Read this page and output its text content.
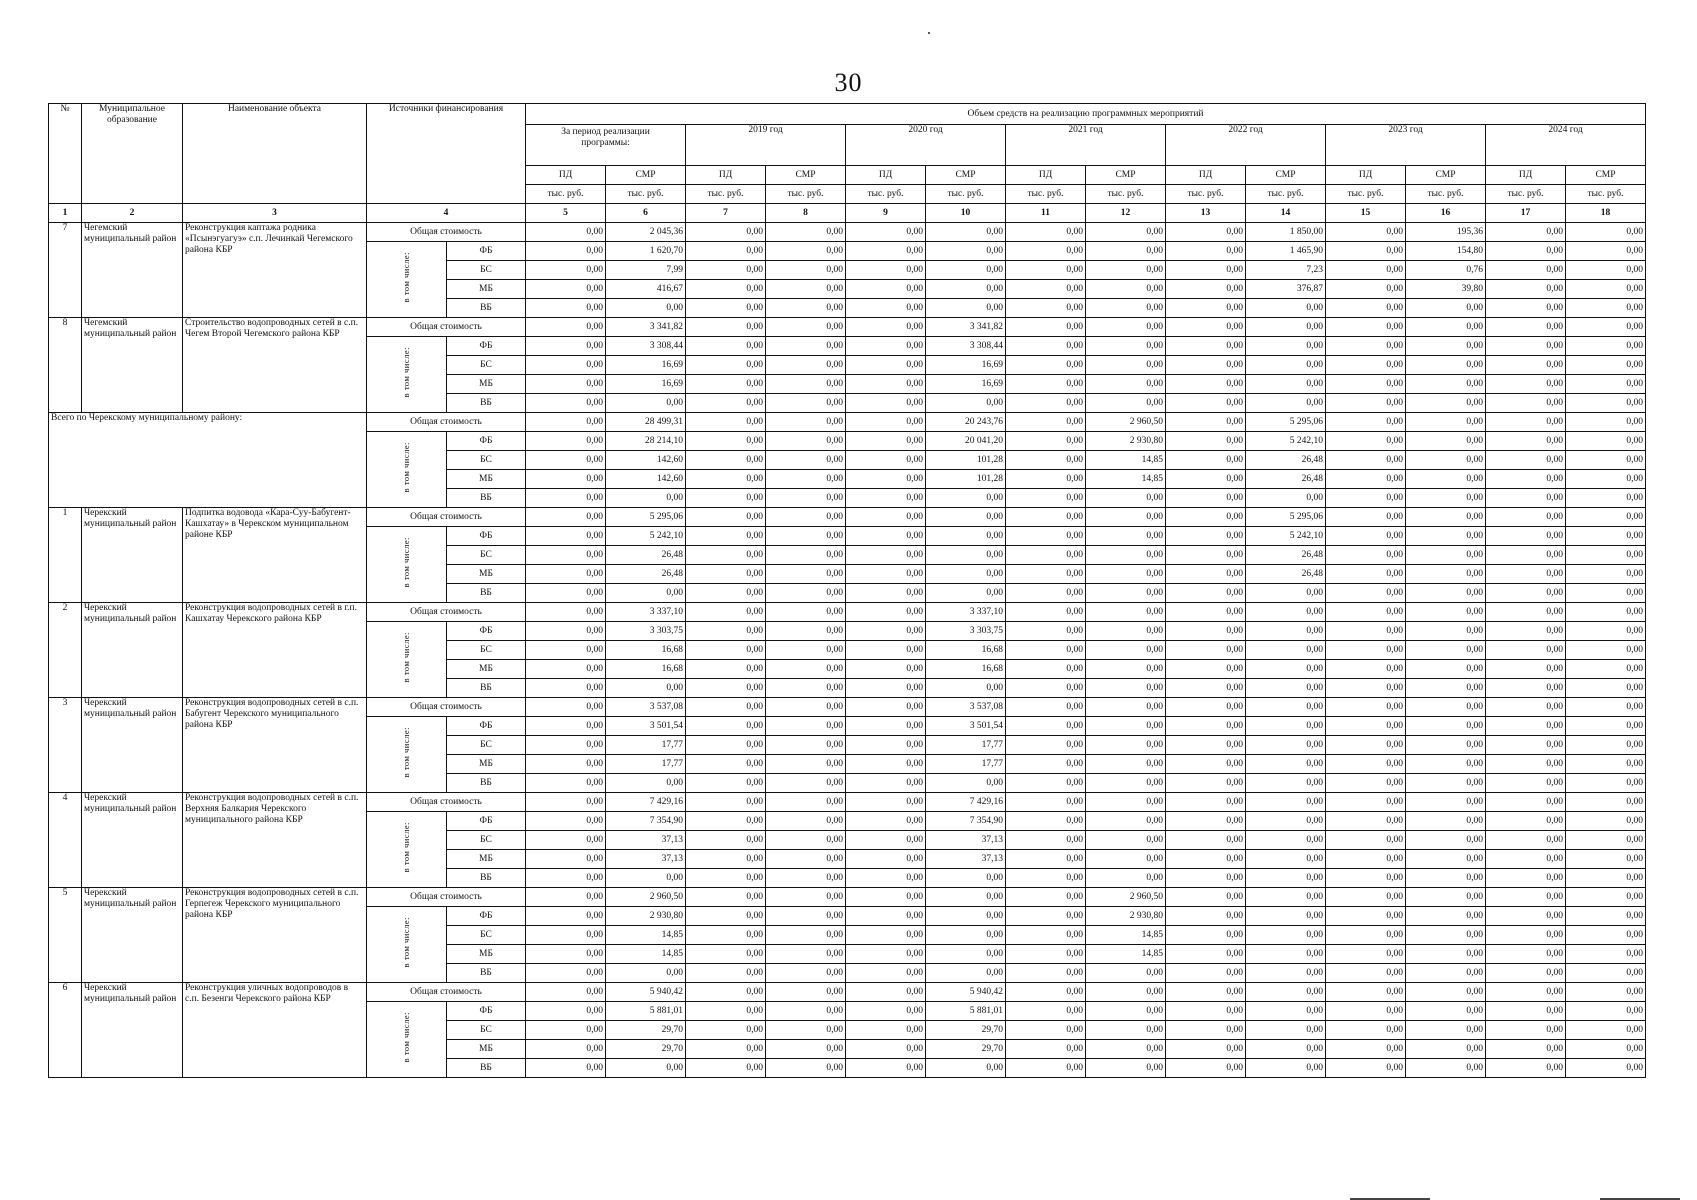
30
№	Муниципальное образование	Наименование объекта	Источники финансирования		Объем средств на реализацию программных мероприятий													
					За период реализации программы:		2019 год		2020 год		2021 год		2022 год		2023 год		2024 год	
					ПД	СМР	ПД	СМР	ПД	СМР	ПД	СМР	ПД	СМР	ПД	СМР	ПД	СМР
					тыс. руб.	тыс. руб.	тыс. руб.	тыс. руб.	тыс. руб.	тыс. руб.	тыс. руб.	тыс. руб.	тыс. руб.	тыс. руб.	тыс. руб.	тыс. руб.	тыс. руб.	тыс. руб.
1	2	3	4		5	6	7	8	9	10	11	12	13	14	15	16	17	18
7	Чегемский муниципальный район	Реконструкция каптажа родника «Псынэгуагуэ» с.п. Лечинкай Чегемского района КБР	Общая стоимость		0,00	2 045,36	0,00	0,00	0,00	0,00	0,00	0,00	0,00	1 850,00	0,00	195,36	0,00	0,00
			в том числе:	ФБ	0,00	1 620,70	0,00	0,00	0,00	0,00	0,00	0,00	0,00	1 465,90	0,00	154,80	0,00	0,00
				БС	0,00	7,99	0,00	0,00	0,00	0,00	0,00	0,00	0,00	7,23	0,00	0,76	0,00	0,00
				МБ	0,00	416,67	0,00	0,00	0,00	0,00	0,00	0,00	0,00	376,87	0,00	39,80	0,00	0,00
				ВБ	0,00	0,00	0,00	0,00	0,00	0,00	0,00	0,00	0,00	0,00	0,00	0,00	0,00	0,00
8	Чегемский муниципальный район	Строительство водопроводных сетей в с.п. Чегем Второй Чегемского района КБР	Общая стоимость		0,00	3 341,82	0,00	0,00	0,00	3 341,82	0,00	0,00	0,00	0,00	0,00	0,00	0,00	0,00
			в том числе:	ФБ	0,00	3 308,44	0,00	0,00	0,00	3 308,44	0,00	0,00	0,00	0,00	0,00	0,00	0,00	0,00
				БС	0,00	16,69	0,00	0,00	0,00	16,69	0,00	0,00	0,00	0,00	0,00	0,00	0,00	0,00
				МБ	0,00	16,69	0,00	0,00	0,00	16,69	0,00	0,00	0,00	0,00	0,00	0,00	0,00	0,00
				ВБ	0,00	0,00	0,00	0,00	0,00	0,00	0,00	0,00	0,00	0,00	0,00	0,00	0,00	0,00
Всего по Черекскому муниципальному району:			Общая стоимость		0,00	28 499,31	0,00	0,00	0,00	20 243,76	0,00	2 960,50	0,00	5 295,06	0,00	0,00	0,00	0,00
			в том числе:	ФБ	0,00	28 214,10	0,00	0,00	0,00	20 041,20	0,00	2 930,80	0,00	5 242,10	0,00	0,00	0,00	0,00
				БС	0,00	142,60	0,00	0,00	0,00	101,28	0,00	14,85	0,00	26,48	0,00	0,00	0,00	0,00
				МБ	0,00	142,60	0,00	0,00	0,00	101,28	0,00	14,85	0,00	26,48	0,00	0,00	0,00	0,00
				ВБ	0,00	0,00	0,00	0,00	0,00	0,00	0,00	0,00	0,00	0,00	0,00	0,00	0,00	0,00
1	Черекский муниципальный район	Подпитка водовода «Кара-Суу-Бабугент-Кашхатау» в Черекском муниципальном районе КБР	Общая стоимость		0,00	5 295,06	0,00	0,00	0,00	0,00	0,00	0,00	0,00	5 295,06	0,00	0,00	0,00	0,00
			в том числе:	ФБ	0,00	5 242,10	0,00	0,00	0,00	0,00	0,00	0,00	0,00	5 242,10	0,00	0,00	0,00	0,00
				БС	0,00	26,48	0,00	0,00	0,00	0,00	0,00	0,00	0,00	26,48	0,00	0,00	0,00	0,00
				МБ	0,00	26,48	0,00	0,00	0,00	0,00	0,00	0,00	0,00	26,48	0,00	0,00	0,00	0,00
				ВБ	0,00	0,00	0,00	0,00	0,00	0,00	0,00	0,00	0,00	0,00	0,00	0,00	0,00	0,00
2	Черекский муниципальный район	Реконструкция водопроводных сетей в г.п. Кашхатау Черекского района КБР	Общая стоимость		0,00	3 337,10	0,00	0,00	0,00	3 337,10	0,00	0,00	0,00	0,00	0,00	0,00	0,00	0,00
			в том числе:	ФБ	0,00	3 303,75	0,00	0,00	0,00	3 303,75	0,00	0,00	0,00	0,00	0,00	0,00	0,00	0,00
				БС	0,00	16,68	0,00	0,00	0,00	16,68	0,00	0,00	0,00	0,00	0,00	0,00	0,00	0,00
				МБ	0,00	16,68	0,00	0,00	0,00	16,68	0,00	0,00	0,00	0,00	0,00	0,00	0,00	0,00
				ВБ	0,00	0,00	0,00	0,00	0,00	0,00	0,00	0,00	0,00	0,00	0,00	0,00	0,00	0,00
3	Черекский муниципальный район	Реконструкция водопроводных сетей в с.п. Бабугент Черекского муниципального района КБР	Общая стоимость		0,00	3 537,08	0,00	0,00	0,00	3 537,08	0,00	0,00	0,00	0,00	0,00	0,00	0,00	0,00
			в том числе:	ФБ	0,00	3 501,54	0,00	0,00	0,00	3 501,54	0,00	0,00	0,00	0,00	0,00	0,00	0,00	0,00
				БС	0,00	17,77	0,00	0,00	0,00	17,77	0,00	0,00	0,00	0,00	0,00	0,00	0,00	0,00
				МБ	0,00	17,77	0,00	0,00	0,00	17,77	0,00	0,00	0,00	0,00	0,00	0,00	0,00	0,00
				ВБ	0,00	0,00	0,00	0,00	0,00	0,00	0,00	0,00	0,00	0,00	0,00	0,00	0,00	0,00
4	Черекский муниципальный район	Реконструкция водопроводных сетей в с.п. Верхняя Балкария Черекского муниципального района КБР	Общая стоимость		0,00	7 429,16	0,00	0,00	0,00	7 429,16	0,00	0,00	0,00	0,00	0,00	0,00	0,00	0,00
			в том числе:	ФБ	0,00	7 354,90	0,00	0,00	0,00	7 354,90	0,00	0,00	0,00	0,00	0,00	0,00	0,00	0,00
				БС	0,00	37,13	0,00	0,00	0,00	37,13	0,00	0,00	0,00	0,00	0,00	0,00	0,00	0,00
				МБ	0,00	37,13	0,00	0,00	0,00	37,13	0,00	0,00	0,00	0,00	0,00	0,00	0,00	0,00
				ВБ	0,00	0,00	0,00	0,00	0,00	0,00	0,00	0,00	0,00	0,00	0,00	0,00	0,00	0,00
5	Черекский муниципальный район	Реконструкция водопроводных сетей в с.п. Герпегеж Черекского муниципального района КБР	Общая стоимость		0,00	2 960,50	0,00	0,00	0,00	0,00	0,00	2 960,50	0,00	0,00	0,00	0,00	0,00	0,00
			в том числе:	ФБ	0,00	2 930,80	0,00	0,00	0,00	0,00	0,00	2 930,80	0,00	0,00	0,00	0,00	0,00	0,00
				БС	0,00	14,85	0,00	0,00	0,00	0,00	0,00	14,85	0,00	0,00	0,00	0,00	0,00	0,00
				МБ	0,00	14,85	0,00	0,00	0,00	0,00	0,00	14,85	0,00	0,00	0,00	0,00	0,00	0,00
				ВБ	0,00	0,00	0,00	0,00	0,00	0,00	0,00	0,00	0,00	0,00	0,00	0,00	0,00	0,00
6	Черекский муниципальный район	Реконструкция уличных водопроводов в с.п. Безенги Черекского района КБР	Общая стоимость		0,00	5 940,42	0,00	0,00	0,00	5 940,42	0,00	0,00	0,00	0,00	0,00	0,00	0,00	0,00
			в том числе:	ФБ	0,00	5 881,01	0,00	0,00	0,00	5 881,01	0,00	0,00	0,00	0,00	0,00	0,00	0,00	0,00
				БС	0,00	29,70	0,00	0,00	0,00	29,70	0,00	0,00	0,00	0,00	0,00	0,00	0,00	0,00
				МБ	0,00	29,70	0,00	0,00	0,00	29,70	0,00	0,00	0,00	0,00	0,00	0,00	0,00	0,00
				ВБ	0,00	0,00	0,00	0,00	0,00	0,00	0,00	0,00	0,00	0,00	0,00	0,00	0,00	0,00
